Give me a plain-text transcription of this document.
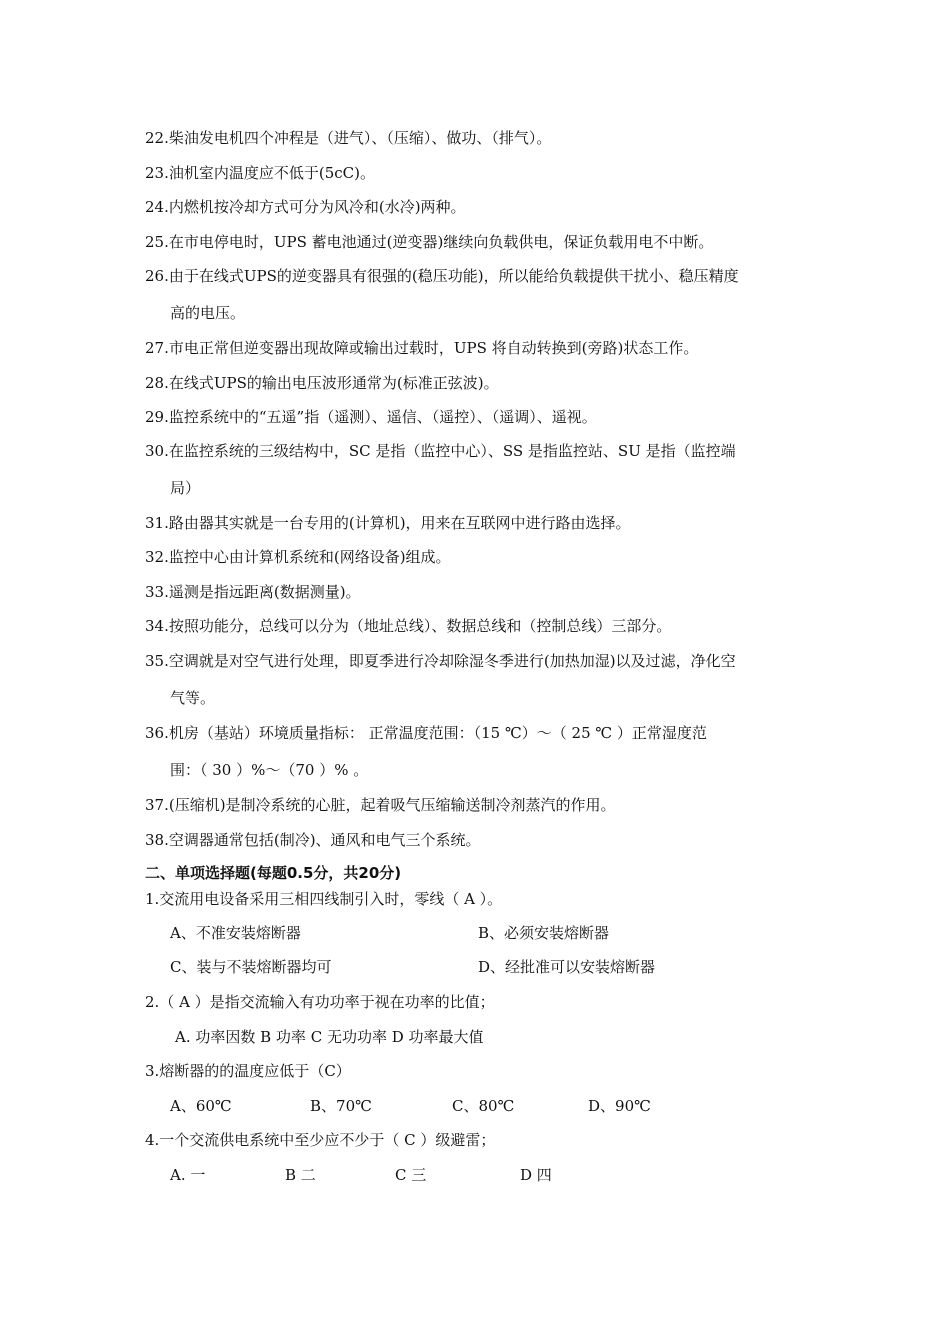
22.柴油发电机四个冲程是（进气）、（压缩）、做功、（排气）。
23.油机室内温度应不低于(5cC)。
24.内燃机按冷却方式可分为风冷和(水冷)两种。
25.在市电停电时，UPS 蓄电池通过(逆变器)继续向负载供电，保证负载用电不中断。
26.由于在线式UPS的逆变器具有很强的(稳压功能)，所以能给负载提供干扰小、稳压精度
高的电压。
27.市电正常但逆变器出现故障或输出过载时，UPS 将自动转换到(旁路)状态工作。
28.在线式UPS的输出电压波形通常为(标准正弦波)。
29.监控系统中的“五遥”指（遥测）、遥信、（遥控）、（遥调）、遥视。
30.在监控系统的三级结构中，SC 是指（监控中心）、SS 是指监控站、SU 是指（监控端
局）
31.路由器其实就是一台专用的(计算机)，用来在互联网中进行路由选择。
32.监控中心由计算机系统和(网络设备)组成。
33.遥测是指远距离(数据测量)。
34.按照功能分，总线可以分为（地址总线）、数据总线和（控制总线）三部分。
35.空调就是对空气进行处理，即夏季进行冷却除湿冬季进行(加热加湿)以及过滤，净化空
气等。
36.机房（基站）环境质量指标： 正常温度范围：（15 ℃）～（ 25 ℃ ）正常湿度范
围：（ 30 ）%～（70 ）% 。
37.(压缩机)是制冷系统的心脏，起着吸气压缩输送制冷剂蒸汽的作用。
38.空调器通常包括(制冷)、通风和电气三个系统。
二、单项选择题(每题0.5分，共20分)
1.交流用电设备采用三相四线制引入时，零线（ A ）。
A、不准安装熔断器	B、必须安装熔断器
C、装与不装熔断器均可	D、经批准可以安装熔断器
2.（ A ）是指交流输入有功功率于视在功率的比值；
A. 功率因数 B 功率 C 无功功率 D 功率最大值
3.熔断器的的温度应低于（C）
A、60℃	B、70℃	C、80℃	D、90℃
4.一个交流供电系统中至少应不少于（ C ）级避雷；
A. 一	B 二	C 三	D 四
